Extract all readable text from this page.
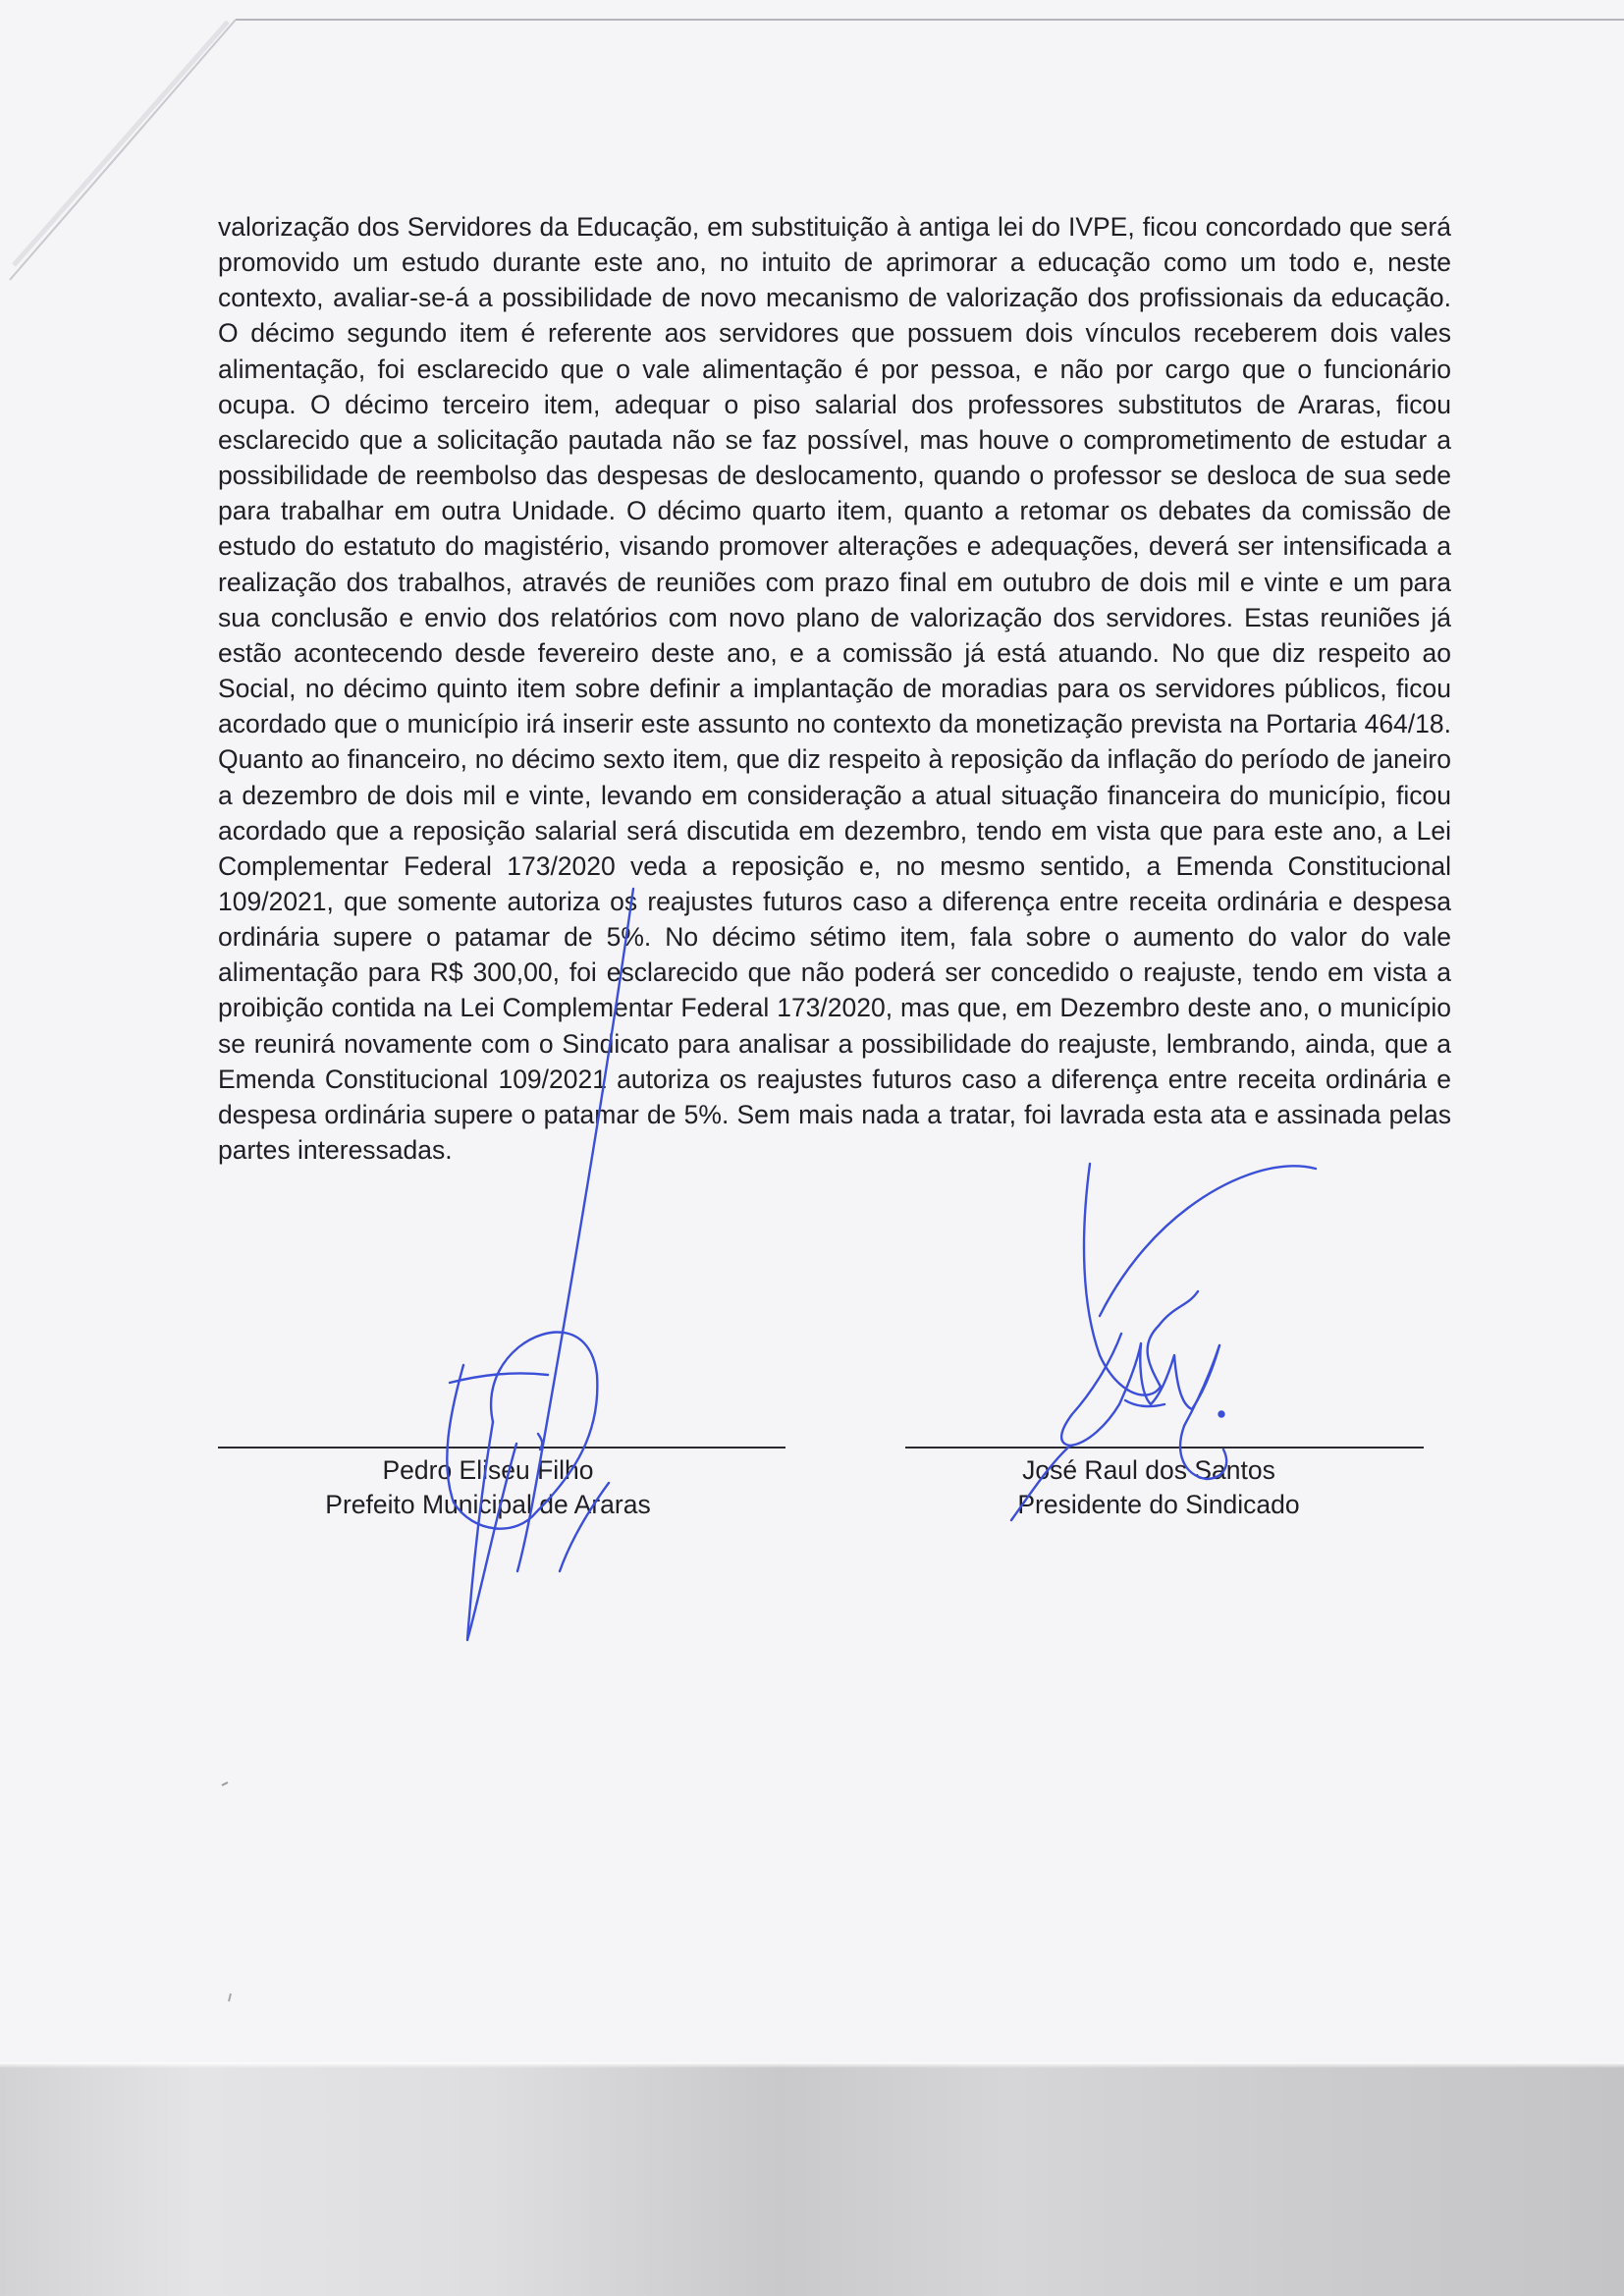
valorização dos Servidores da Educação, em substituição à antiga lei do IVPE, ficou concordado que será promovido um estudo durante este ano, no intuito de aprimorar a educação como um todo e, neste contexto, avaliar-se-á a possibilidade de novo mecanismo de valorização dos profissionais da educação. O décimo segundo item é referente aos servidores que possuem dois vínculos receberem dois vales alimentação, foi esclarecido que o vale alimentação é por pessoa, e não por cargo que o funcionário ocupa. O décimo terceiro item, adequar o piso salarial dos professores substitutos de Araras, ficou esclarecido que a solicitação pautada não se faz possível, mas houve o comprometimento de estudar a possibilidade de reembolso das despesas de deslocamento, quando o professor se desloca de sua sede para trabalhar em outra Unidade. O décimo quarto item, quanto a retomar os debates da comissão de estudo do estatuto do magistério, visando promover alterações e adequações, deverá ser intensificada a realização dos trabalhos, através de reuniões com prazo final em outubro de dois mil e vinte e um para sua conclusão e envio dos relatórios com novo plano de valorização dos servidores. Estas reuniões já estão acontecendo desde fevereiro deste ano, e a comissão já está atuando. No que diz respeito ao Social, no décimo quinto item sobre definir a implantação de moradias para os servidores públicos, ficou acordado que o município irá inserir este assunto no contexto da monetização prevista na Portaria 464/18. Quanto ao financeiro, no décimo sexto item, que diz respeito à reposição da inflação do período de janeiro a dezembro de dois mil e vinte, levando em consideração a atual situação financeira do município, ficou acordado que a reposição salarial será discutida em dezembro, tendo em vista que para este ano, a Lei Complementar Federal 173/2020 veda a reposição e, no mesmo sentido, a Emenda Constitucional 109/2021, que somente autoriza os reajustes futuros caso a diferença entre receita ordinária e despesa ordinária supere o patamar de 5%. No décimo sétimo item, fala sobre o aumento do valor do vale alimentação para R$ 300,00, foi esclarecido que não poderá ser concedido o reajuste, tendo em vista a proibição contida na Lei Complementar Federal 173/2020, mas que, em Dezembro deste ano, o município se reunirá novamente com o Sindicato para analisar a possibilidade do reajuste, lembrando, ainda, que a Emenda Constitucional 109/2021 autoriza os reajustes futuros caso a diferença entre receita ordinária e despesa ordinária supere o patamar de 5%. Sem mais nada a tratar, foi lavrada esta ata e assinada pelas partes interessadas.

Pedro Eliseu Filho
Prefeito Municipal de Araras
José Raul dos Santos
Presidente do Sindicado
